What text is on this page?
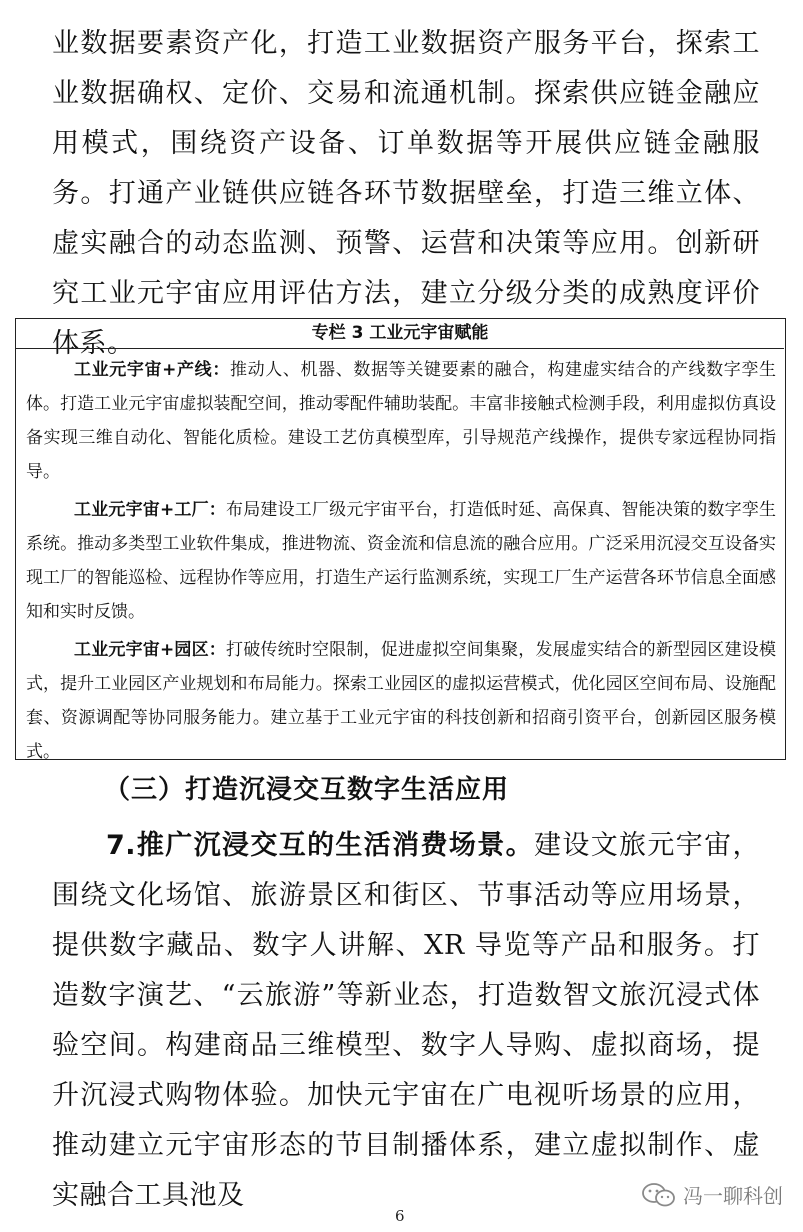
业数据要素资产化，打造工业数据资产服务平台，探索工业数据确权、定价、交易和流通机制。探索供应链金融应用模式，围绕资产设备、订单数据等开展供应链金融服务。打通产业链供应链各环节数据壁垒，打造三维立体、虚实融合的动态监测、预警、运营和决策等应用。创新研究工业元宇宙应用评估方法，建立分级分类的成熟度评价体系。	专栏 3 工业元宇宙赋能

工业元宇宙+产线：推动人、机器、数据等关键要素的融合，构建虚实结合的产线数字孪生体。打造工业元宇宙虚拟装配空间，推动零配件辅助装配。丰富非接触式检测手段，利用虚拟仿真设备实现三维自动化、智能化质检。建设工艺仿真模型库，引导规范产线操作，提供专家远程协同指导。

工业元宇宙+工厂：布局建设工厂级元宇宙平台，打造低时延、高保真、智能决策的数字孪生系统。推动多类型工业软件集成，推进物流、资金流和信息流的融合应用。广泛采用沉浸交互设备实现工厂的智能巡检、远程协作等应用，打造生产运行监测系统，实现工厂生产运营各环节信息全面感知和实时反馈。

工业元宇宙+园区：打破传统时空限制，促进虚拟空间集聚，发展虚实结合的新型园区建设模式，提升工业园区产业规划和布局能力。探索工业园区的虚拟运营模式，优化园区空间布局、设施配套、资源调配等协同服务能力。建立基于工业元宇宙的科技创新和招商引资平台，创新园区服务模式。

（三）打造沉浸交互数字生活应用

7.推广沉浸交互的生活消费场景。建设文旅元宇宙，围绕文化场馆、旅游景区和街区、节事活动等应用场景，提供数字藏品、数字人讲解、XR 导览等产品和服务。打造数字演艺、“云旅游”等新业态，打造数智文旅沉浸式体验空间。构建商品三维模型、数字人导购、虚拟商场，提升沉浸式购物体验。加快元宇宙在广电视听场景的应用，推动建立元宇宙形态的节目制播体系，建立虚拟制作、虚实融合工具池及	冯一聊科创
6
